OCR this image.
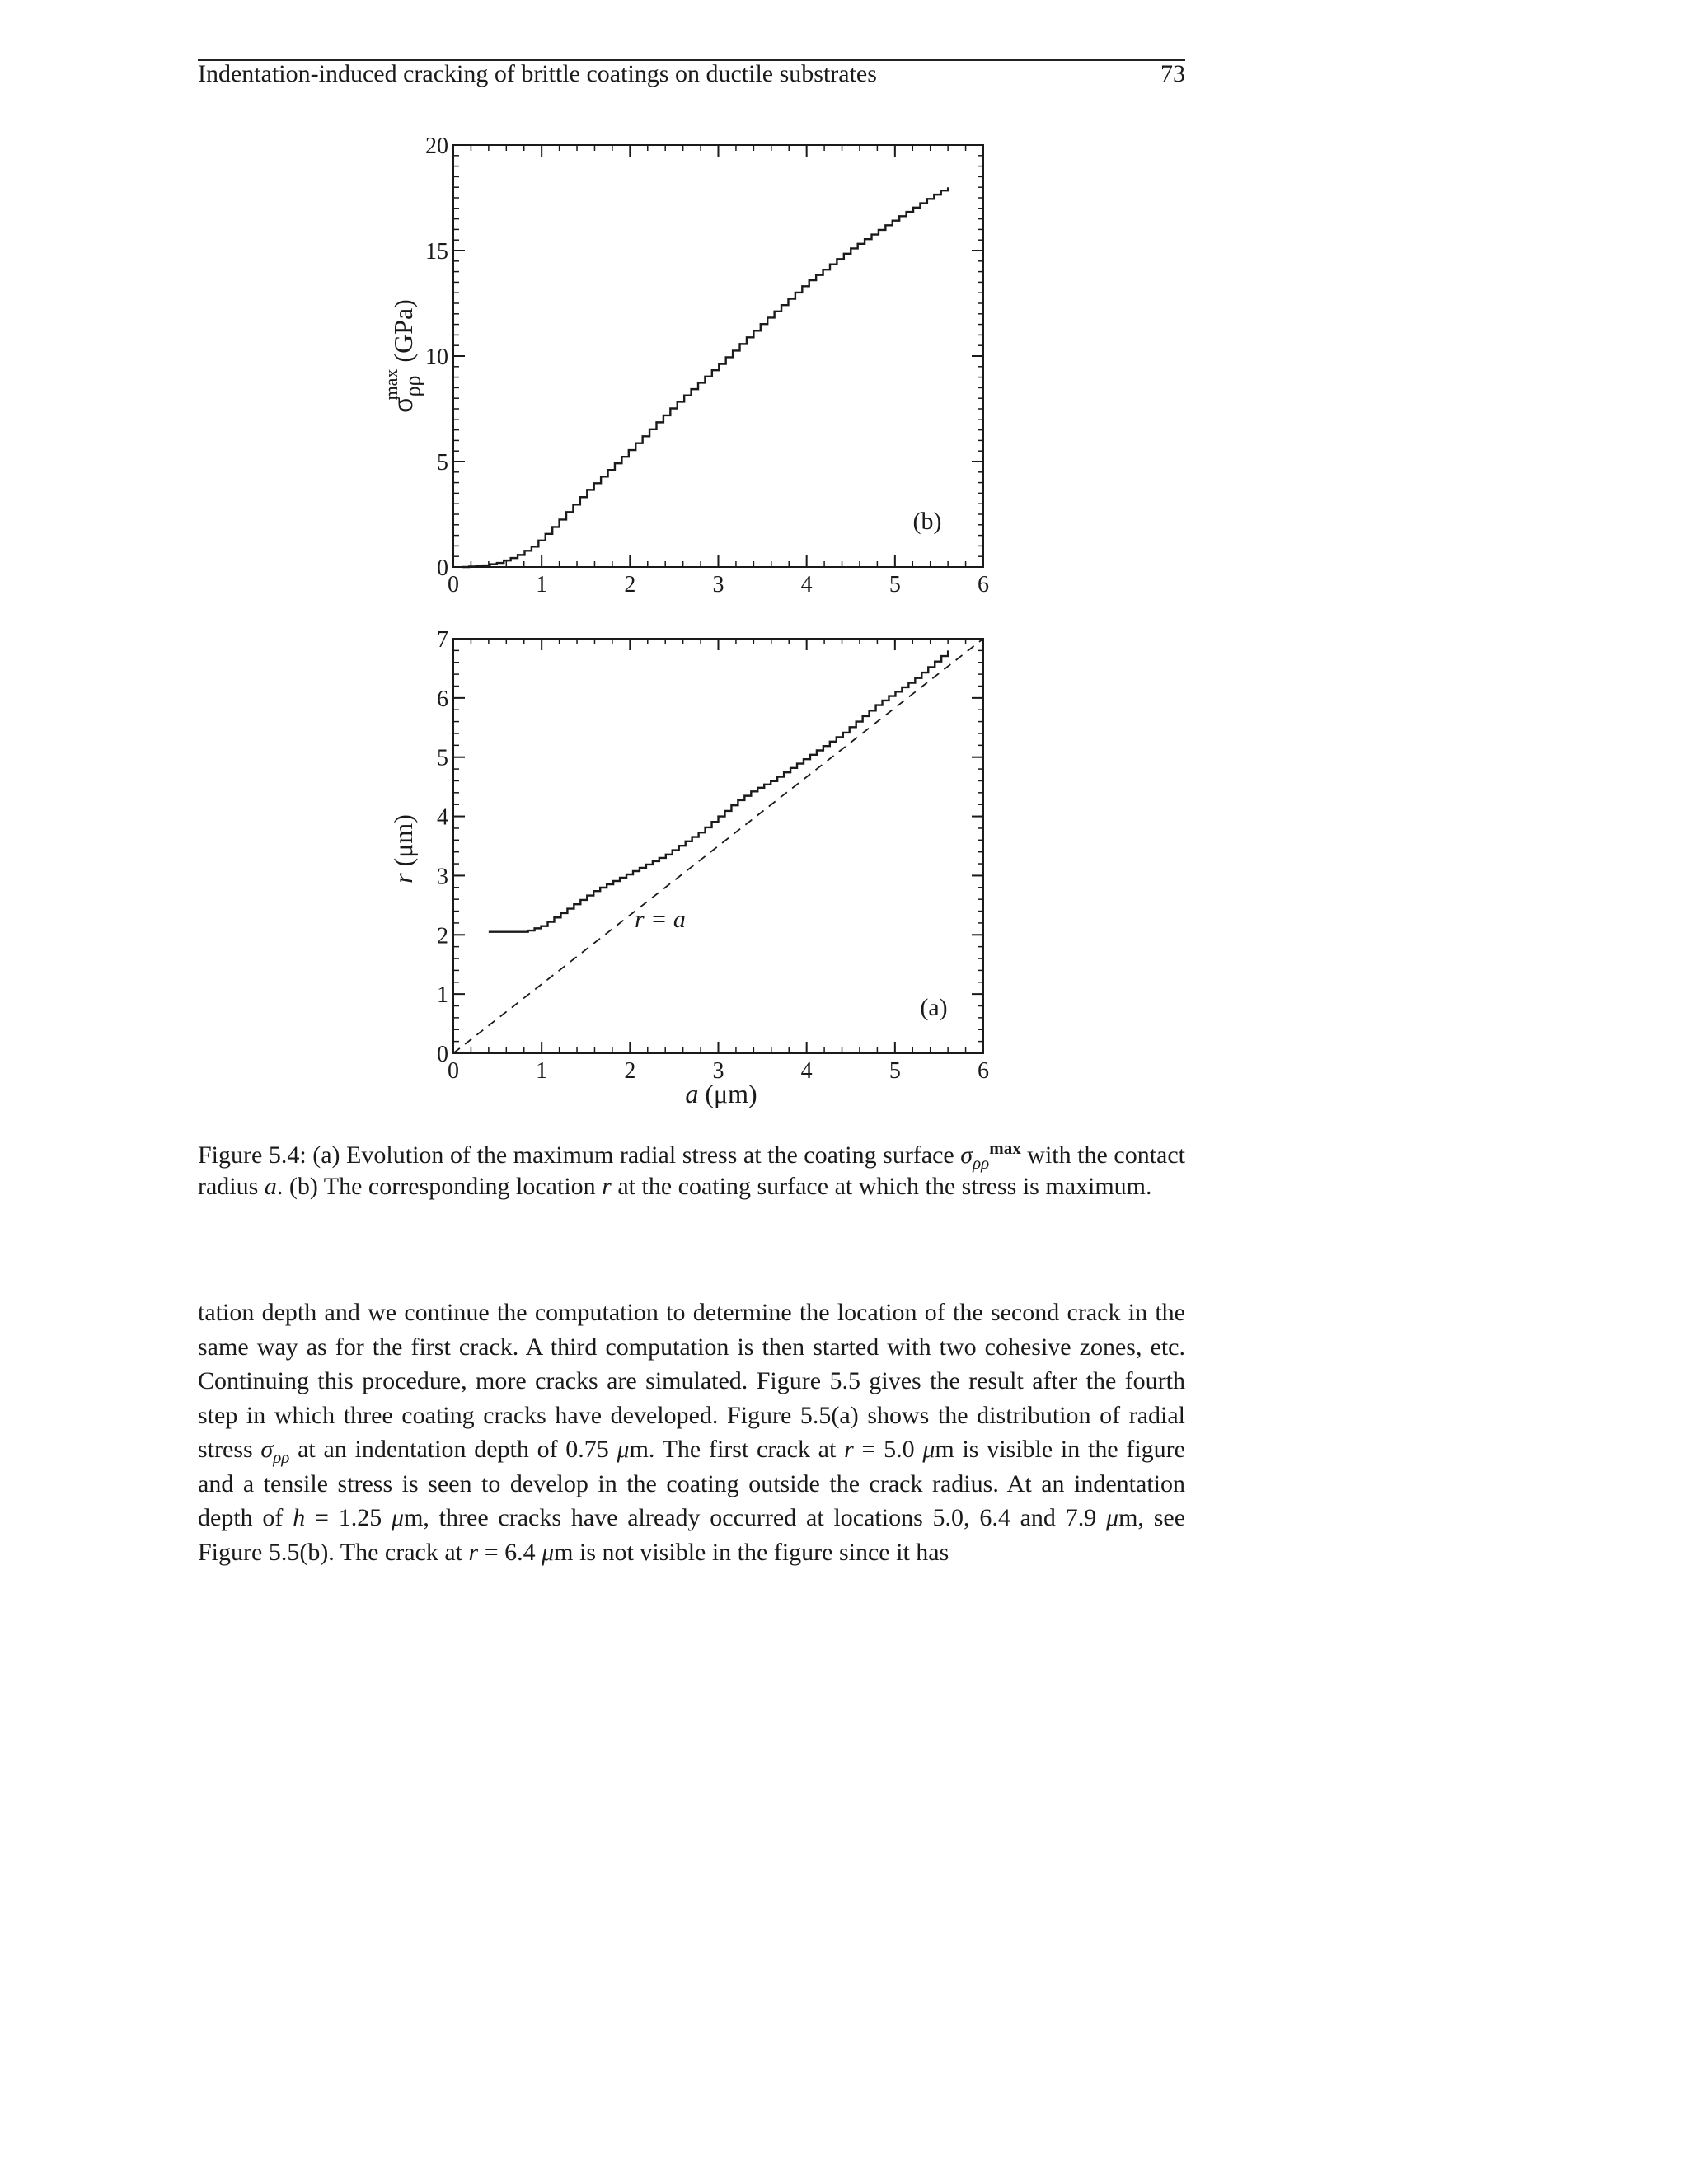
Indentation-induced cracking of brittle coatings on ductile substrates	73
0	1	2	3	4	5	6
0
5
10
15
20
(b)
$\sigma_{\rho\rho}\max$ (GPa)
0	1	2	3	4	5	6
0
1
2
3
4
5
6
7
r = a
(a)
a (μm)
r (μm)
Figure 5.4: (a) Evolution of the maximum radial stress at the coating surface $\sigma_{\rho\rho}^{max}$ with the contact radius a. (b) The corresponding location r at the coating surface at which the stress is maximum.

tation depth and we continue the computation to determine the location of the second crack in the same way as for the first crack. A third computation is then started with two cohesive zones, etc. Continuing this procedure, more cracks are simulated. Figure 5.5 gives the result after the fourth step in which three coating cracks have developed. Figure 5.5(a) shows the distribution of radial stress $\sigma_{\rho\rho}$ at an indentation depth of 0.75 μm. The first crack at r = 5.0 μm is visible in the figure and a tensile stress is seen to develop in the coating outside the crack radius. At an indentation depth of h = 1.25 μm, three cracks have already occurred at locations 5.0, 6.4 and 7.9 μm, see Figure 5.5(b). The crack at r = 6.4 μm is not visible in the figure since it has
